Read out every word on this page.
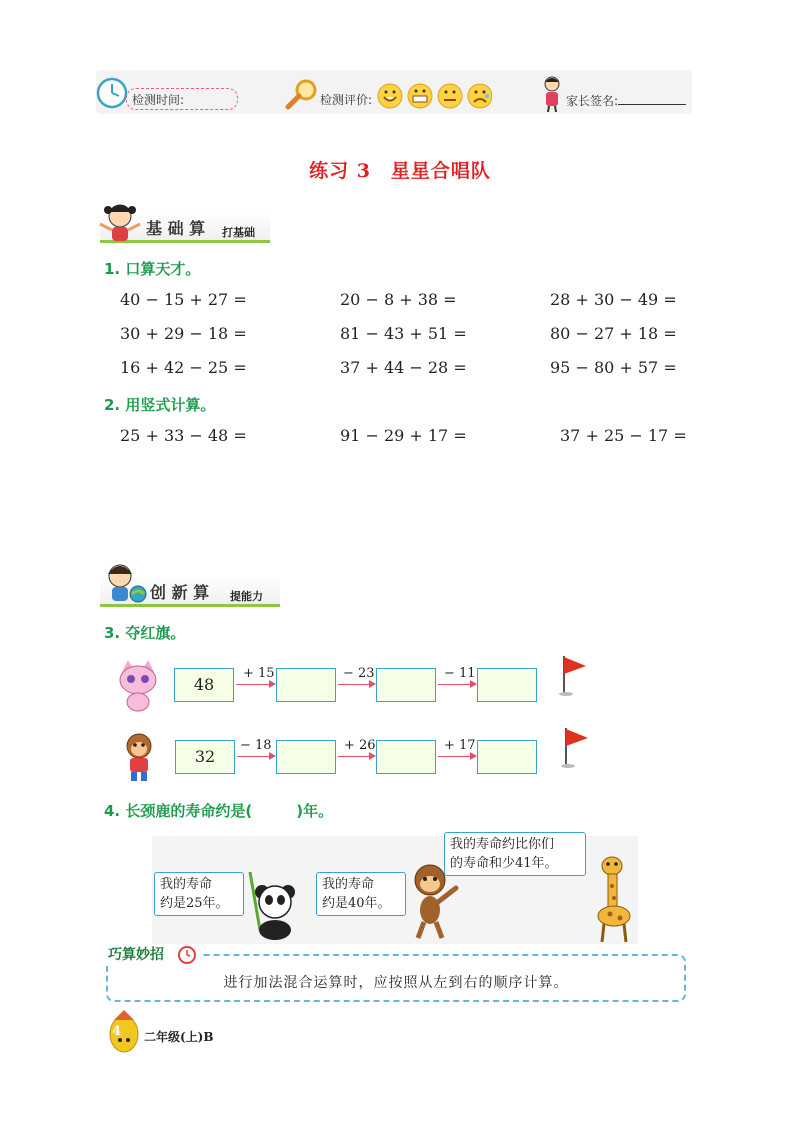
检测时间:	检测评价:	家长签名:
练习 3　星星合唱队
基 础 算 打基础
1. 口算天才。
40 − 15 + 27 =	20 − 8 + 38 =	28 + 30 − 49 =
30 + 29 − 18 =	81 − 43 + 51 =	80 − 27 + 18 =
16 + 42 − 25 =	37 + 44 − 28 =	95 − 80 + 57 =
2. 用竖式计算。
25 + 33 − 48 =	91 − 29 + 17 =	37 + 25 − 17 =
创 新 算 提能力
3. 夺红旗。
48
+ 15	− 23	− 11
32
− 18	+ 26	+ 17
4. 长颈鹿的寿命约是(	)年。
我的寿命
约是25年。
我的寿命
约是40年。
我的寿命约比你们
的寿命和少41年。
巧算妙招
进行加法混合运算时，应按照从左到右的顺序计算。
4 二年级(上)B
